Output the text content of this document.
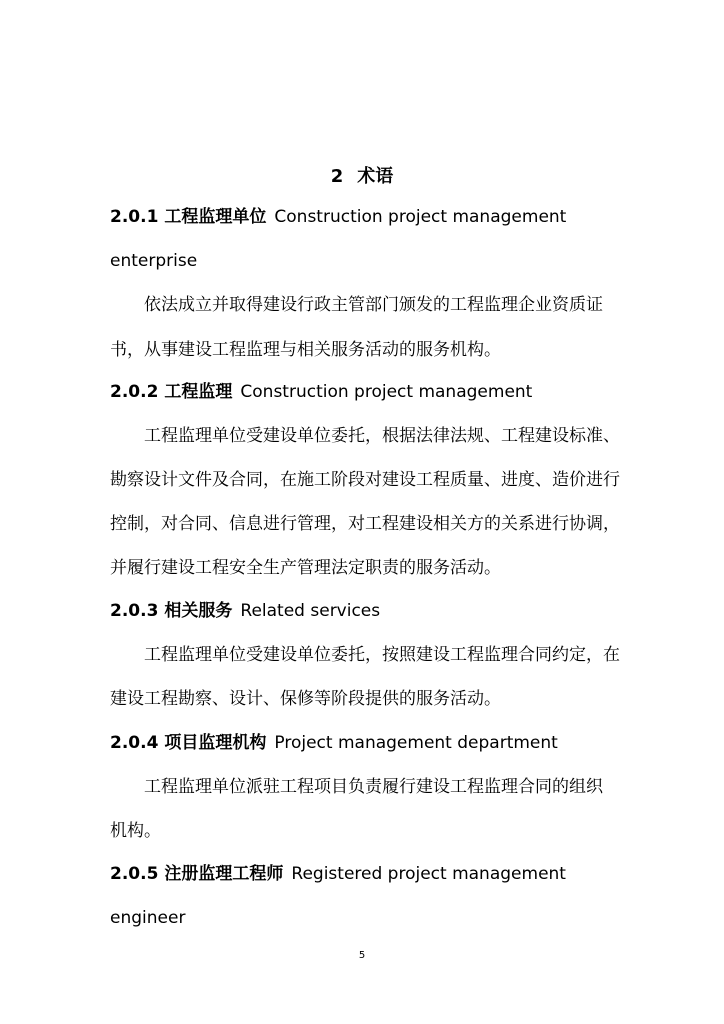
2 术语
2.0.1 工程监理单位 Construction project management
enterprise
依法成立并取得建设行政主管部门颁发的工程监理企业资质证
书，从事建设工程监理与相关服务活动的服务机构。
2.0.2 工程监理 Construction project management
工程监理单位受建设单位委托，根据法律法规、工程建设标准、
勘察设计文件及合同，在施工阶段对建设工程质量、进度、造价进行
控制，对合同、信息进行管理，对工程建设相关方的关系进行协调，
并履行建设工程安全生产管理法定职责的服务活动。
2.0.3 相关服务 Related services
工程监理单位受建设单位委托，按照建设工程监理合同约定，在
建设工程勘察、设计、保修等阶段提供的服务活动。
2.0.4 项目监理机构 Project management department
工程监理单位派驻工程项目负责履行建设工程监理合同的组织
机构。
2.0.5 注册监理工程师 Registered project management
engineer
5
